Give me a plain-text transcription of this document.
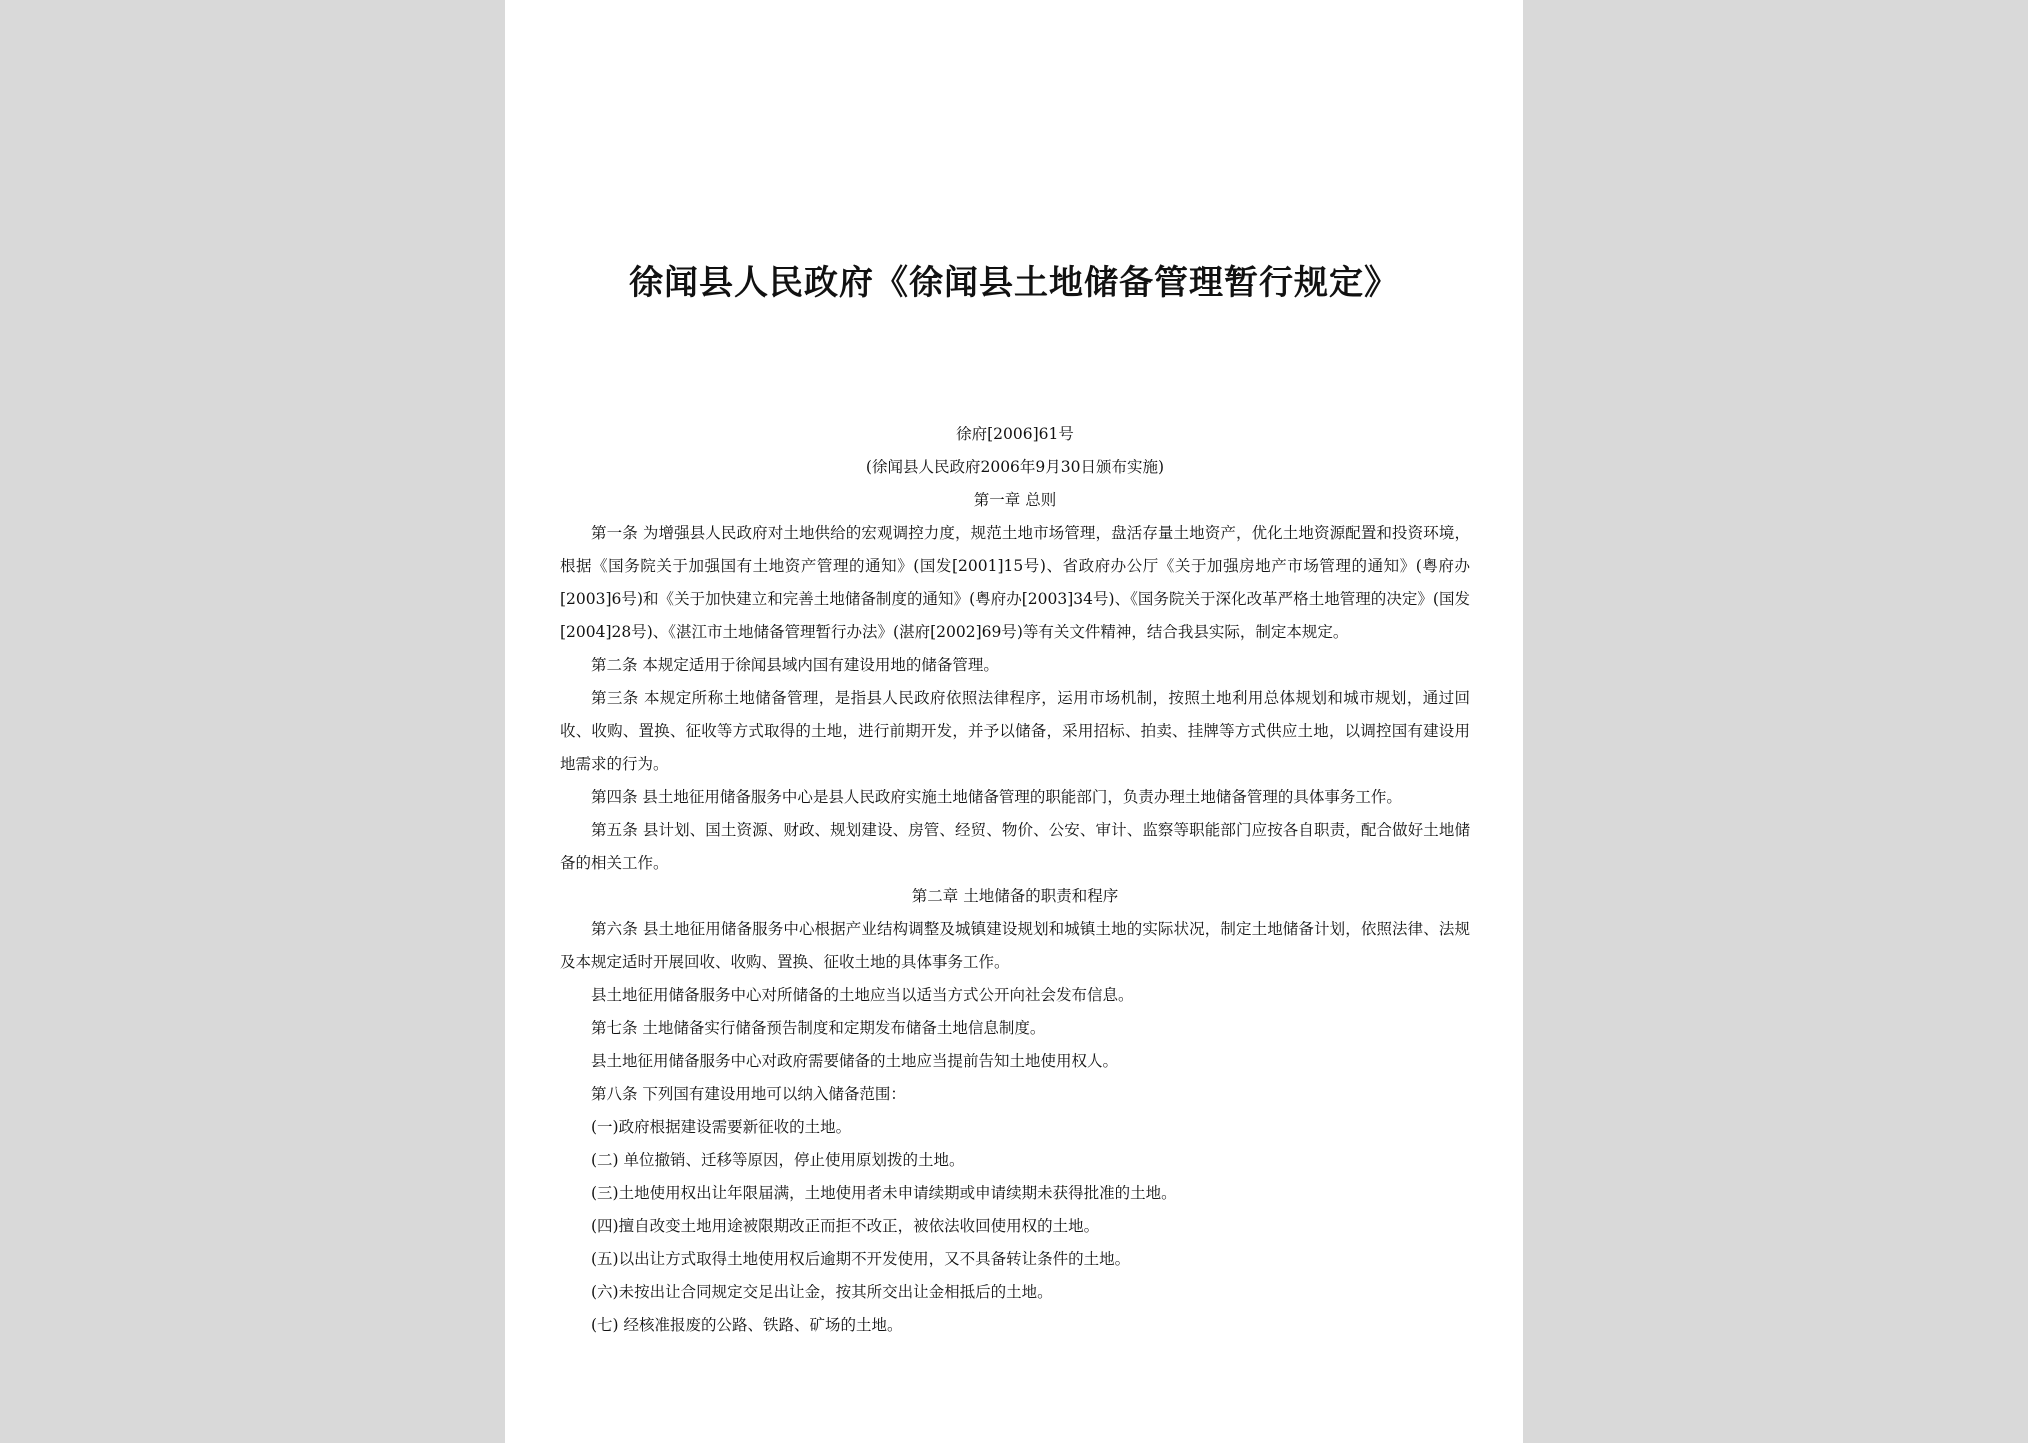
徐闻县人民政府《徐闻县土地储备管理暂行规定》
徐府[2006]61号
(徐闻县人民政府2006年9月30日颁布实施)
第一章 总则
第一条 为增强县人民政府对土地供给的宏观调控力度，规范土地市场管理，盘活存量土地资产，优化土地资源配置和投资环境，根据《国务院关于加强国有土地资产管理的通知》(国发[2001]15号)、省政府办公厅《关于加强房地产市场管理的通知》(粤府办[2003]6号)和《关于加快建立和完善土地储备制度的通知》(粤府办[2003]34号)、《国务院关于深化改革严格土地管理的决定》(国发[2004]28号)、《湛江市土地储备管理暂行办法》(湛府[2002]69号)等有关文件精神，结合我县实际，制定本规定。
第二条 本规定适用于徐闻县域内国有建设用地的储备管理。
第三条 本规定所称土地储备管理，是指县人民政府依照法律程序，运用市场机制，按照土地利用总体规划和城市规划，通过回收、收购、置换、征收等方式取得的土地，进行前期开发，并予以储备，采用招标、拍卖、挂牌等方式供应土地，以调控国有建设用地需求的行为。
第四条 县土地征用储备服务中心是县人民政府实施土地储备管理的职能部门，负责办理土地储备管理的具体事务工作。
第五条 县计划、国土资源、财政、规划建设、房管、经贸、物价、公安、审计、监察等职能部门应按各自职责，配合做好土地储备的相关工作。
第二章 土地储备的职责和程序
第六条 县土地征用储备服务中心根据产业结构调整及城镇建设规划和城镇土地的实际状况，制定土地储备计划，依照法律、法规及本规定适时开展回收、收购、置换、征收土地的具体事务工作。
县土地征用储备服务中心对所储备的土地应当以适当方式公开向社会发布信息。
第七条 土地储备实行储备预告制度和定期发布储备土地信息制度。
县土地征用储备服务中心对政府需要储备的土地应当提前告知土地使用权人。
第八条 下列国有建设用地可以纳入储备范围：
(一)政府根据建设需要新征收的土地。
(二) 单位撤销、迁移等原因，停止使用原划拨的土地。
(三)土地使用权出让年限届满，土地使用者未申请续期或申请续期未获得批准的土地。
(四)擅自改变土地用途被限期改正而拒不改正，被依法收回使用权的土地。
(五)以出让方式取得土地使用权后逾期不开发使用，又不具备转让条件的土地。
(六)未按出让合同规定交足出让金，按其所交出让金相抵后的土地。
(七) 经核准报废的公路、铁路、矿场的土地。
